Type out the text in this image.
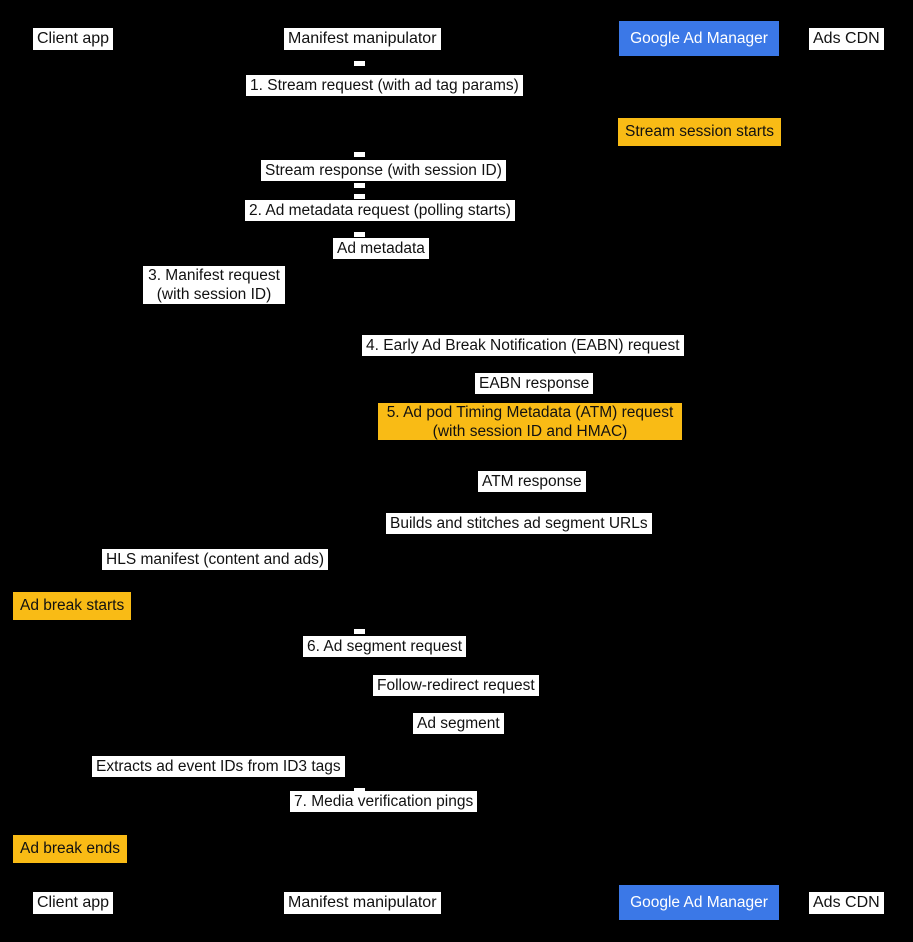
Client app	Manifest manipulator	Google Ad Manager	Ads CDN
1. Stream request (with ad tag params)
Stream session starts
Stream response (with session ID)
2. Ad metadata request (polling starts)
Ad metadata
3. Manifest request
(with session ID)
4. Early Ad Break Notification (EABN) request
EABN response
5. Ad pod Timing Metadata (ATM) request
(with session ID and HMAC)
ATM response
Builds and stitches ad segment URLs
HLS manifest (content and ads)
Ad break starts
6. Ad segment request
Follow-redirect request
Ad segment
Extracts ad event IDs from ID3 tags
7. Media verification pings
Ad break ends
Client app	Manifest manipulator	Google Ad Manager	Ads CDN
